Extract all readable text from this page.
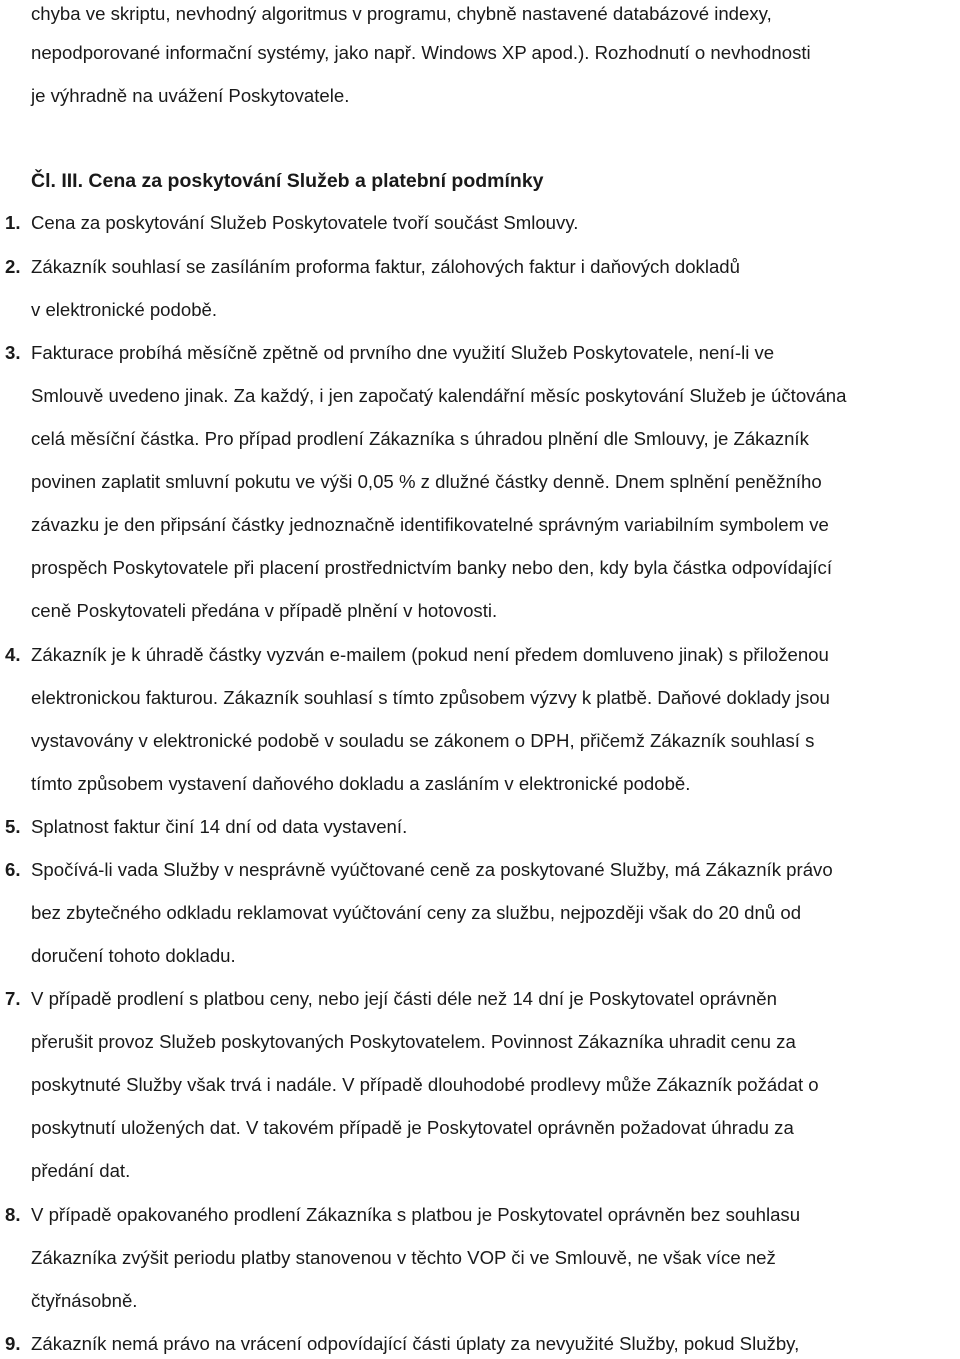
chyba ve skriptu, nevhodný algoritmus v programu, chybně nastavené databázové indexy,
nepodporované informační systémy, jako např. Windows XP apod.). Rozhodnutí o nevhodnosti
je výhradně na uvážení Poskytovatele.
Čl. III. Cena za poskytování Služeb a platební podmínky
1. Cena za poskytování Služeb Poskytovatele tvoří součást Smlouvy.
2. Zákazník souhlasí se zasíláním proforma faktur, zálohových faktur i daňových dokladů
v elektronické podobě.
3. Fakturace probíhá měsíčně zpětně od prvního dne využití Služeb Poskytovatele, není-li ve
Smlouvě uvedeno jinak. Za každý, i jen započatý kalendářní měsíc poskytování Služeb je účtována
celá měsíční částka. Pro případ prodlení Zákazníka s úhradou plnění dle Smlouvy, je Zákazník
povinen zaplatit smluvní pokutu ve výši 0,05 % z dlužné částky denně. Dnem splnění peněžního
závazku je den připsání částky jednoznačně identifikovatelné správným variabilním symbolem ve
prospěch Poskytovatele při placení prostřednictvím banky nebo den, kdy byla částka odpovídající
ceně Poskytovateli předána v případě plnění v hotovosti.
4. Zákazník je k úhradě částky vyzván e-mailem (pokud není předem domluveno jinak) s přiloženou
elektronickou fakturou. Zákazník souhlasí s tímto způsobem výzvy k platbě. Daňové doklady jsou
vystavovány v elektronické podobě v souladu se zákonem o DPH, přičemž Zákazník souhlasí s
tímto způsobem vystavení daňového dokladu a zasláním v elektronické podobě.
5. Splatnost faktur činí 14 dní od data vystavení.
6. Spočívá-li vada Služby v nesprávně vyúčtované ceně za poskytované Služby, má Zákazník právo
bez zbytečného odkladu reklamovat vyúčtování ceny za službu, nejpozději však do 20 dnů od
doručení tohoto dokladu.
7. V případě prodlení s platbou ceny, nebo její části déle než 14 dní je Poskytovatel oprávněn
přerušit provoz Služeb poskytovaných Poskytovatelem. Povinnost Zákazníka uhradit cenu za
poskytnuté Služby však trvá i nadále. V případě dlouhodobé prodlevy může Zákazník požádat o
poskytnutí uložených dat. V takovém případě je Poskytovatel oprávněn požadovat úhradu za
předání dat.
8. V případě opakovaného prodlení Zákazníka s platbou je Poskytovatel oprávněn bez souhlasu
Zákazníka zvýšit periodu platby stanovenou v těchto VOP či ve Smlouvě, ne však více než
čtyřnásobně.
9. Zákazník nemá právo na vrácení odpovídající části úplaty za nevyužité Služby, pokud Služby,
